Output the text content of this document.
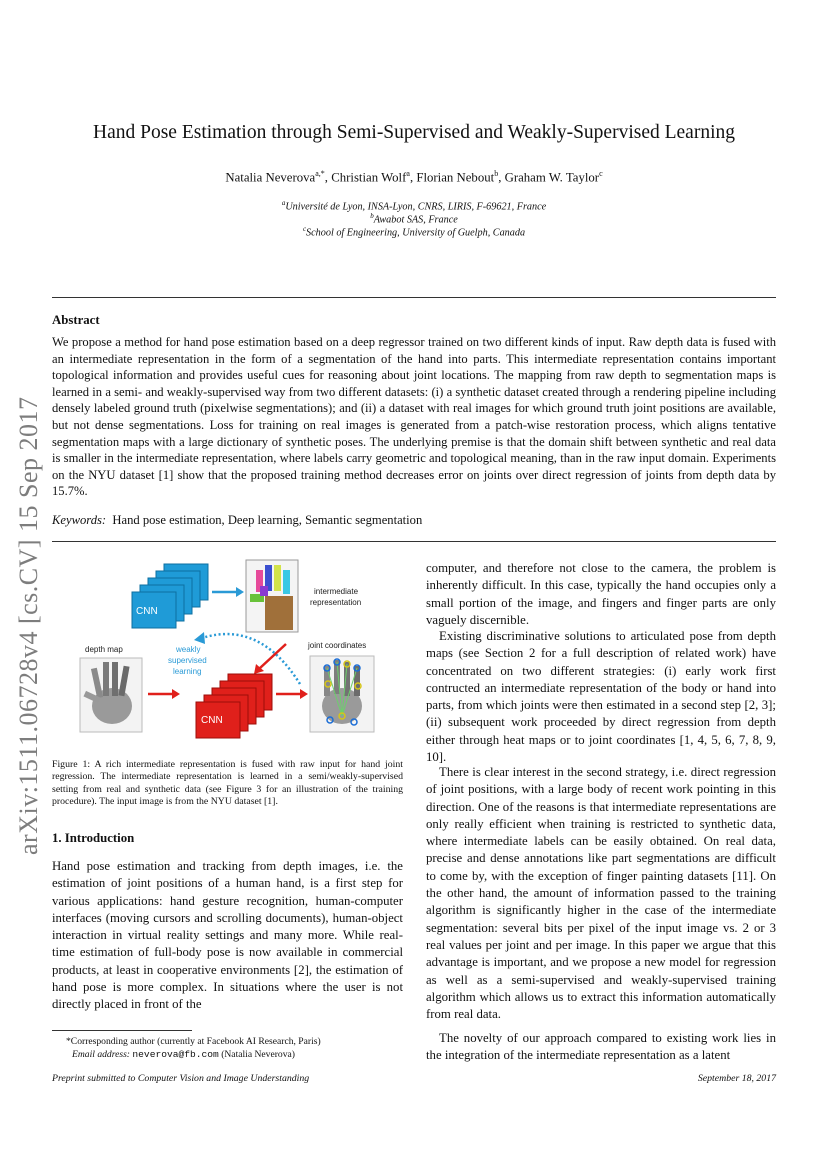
Hand Pose Estimation through Semi-Supervised and Weakly-Supervised Learning
Natalia Neverova$^{a,*}$, Christian Wolf$^a$, Florian Nebout$^b$, Graham W. Taylor$^c$
$^a$Université de Lyon, INSA-Lyon, CNRS, LIRIS, F-69621, France
$^b$Awabot SAS, France
$^c$School of Engineering, University of Guelph, Canada
Abstract
We propose a method for hand pose estimation based on a deep regressor trained on two different kinds of input. Raw depth data is fused with an intermediate representation in the form of a segmentation of the hand into parts. This intermediate representation contains important topological information and provides useful cues for reasoning about joint locations. The mapping from raw depth to segmentation maps is learned in a semi- and weakly-supervised way from two different datasets: (i) a synthetic dataset created through a rendering pipeline including densely labeled ground truth (pixelwise segmentations); and (ii) a dataset with real images for which ground truth joint positions are available, but not dense segmentations. Loss for training on real images is generated from a patch-wise restoration process, which aligns tentative segmentation maps with a large dictionary of synthetic poses. The underlying premise is that the domain shift between synthetic and real data is smaller in the intermediate representation, where labels carry geometric and topological meaning, than in the raw input domain. Experiments on the NYU dataset [1] show that the proposed training method decreases error on joints over direct regression of joints from depth data by 15.7%.
Keywords: Hand pose estimation, Deep learning, Semantic segmentation
arXiv:1511.06728v4 [cs.CV] 15 Sep 2017	CNN
intermediate
representation
depth map	weakly
supervised
learning
CNN
joint coordinates
Figure 1: A rich intermediate representation is fused with raw input for hand joint regression. The intermediate representation is learned in a semi/weakly-supervised setting from real and synthetic data (see Figure 3 for an illustration of the training procedure). The input image is from the NYU dataset [1].
1. Introduction
Hand pose estimation and tracking from depth images, i.e. the estimation of joint positions of a human hand, is a first step for various applications: hand gesture recognition, human-computer interfaces (moving cursors and scrolling documents), human-object interaction in virtual reality settings and many more. While real-time estimation of full-body pose is now available in commercial products, at least in cooperative environments [2], the estimation of hand pose is more complex. In situations where the user is not directly placed in front of the
computer, and therefore not close to the camera, the problem is inherently difficult. In this case, typically the hand occupies only a small portion of the image, and fingers and finger parts are only vaguely discernible.
Existing discriminative solutions to articulated pose from depth maps (see Section 2 for a full description of related work) have concentrated on two different strategies: (i) early work first contructed an intermediate representation of the body or hand into parts, from which joints were then estimated in a second step [2, 3]; (ii) subsequent work proceeded by direct regression from depth either through heat maps or to joint coordinates [1, 4, 5, 6, 7, 8, 9, 10].
There is clear interest in the second strategy, i.e. direct regression of joint positions, with a large body of recent work pointing in this direction. One of the reasons is that intermediate representations are only really efficient when training is restricted to synthetic data, where intermediate labels can be easily obtained. On real data, precise and dense annotations like part segmentations are difficult to come by, with the exception of finger painting datasets [11]. On the other hand, the amount of information passed to the training algorithm is significantly higher in the case of the intermediate segmentation: several bits per pixel of the input image vs. 2 or 3 real values per joint and per image. In this paper we argue that this advantage is important, and we propose a new model for regression as well as a semi-supervised and weakly-supervised training algorithm which allows us to extract this information automatically from real data.
The novelty of our approach compared to existing work lies in the integration of the intermediate representation as a latent
*Corresponding author (currently at Facebook AI Research, Paris)
Email address: neverova@fb.com (Natalia Neverova)
Preprint submitted to Computer Vision and Image Understanding	September 18, 2017
